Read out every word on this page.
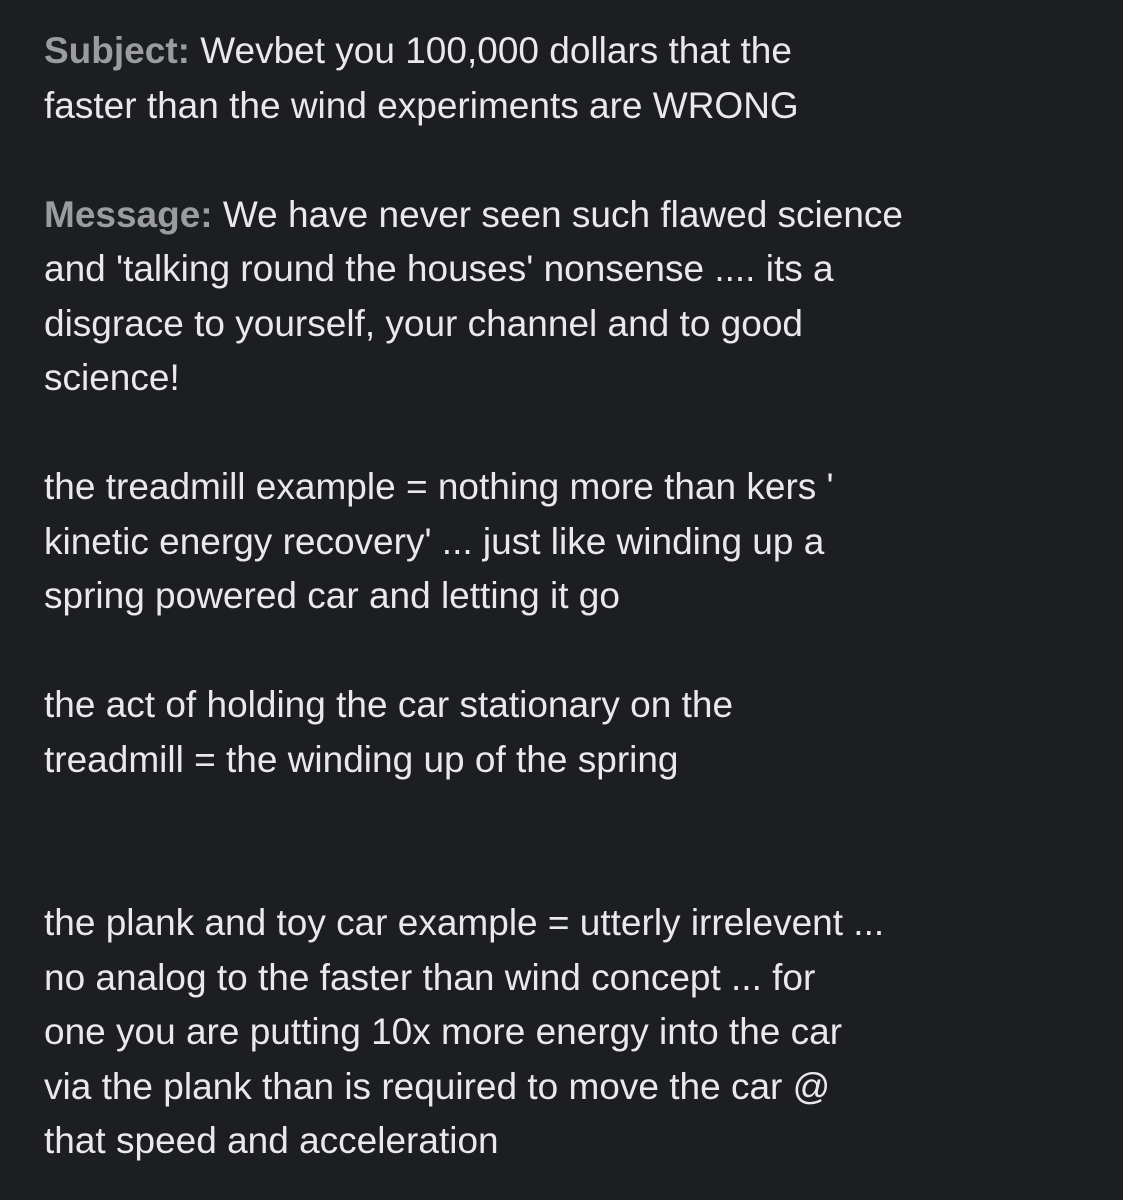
Subject: Wevbet you 100,000 dollars that the

faster than the wind experiments are WRONG

Message: We have never seen such flawed science

and 'talking round the houses' nonsense .... its a

disgrace to yourself, your channel and to good

science!

the treadmill example = nothing more than kers '

kinetic energy recovery' ... just like winding up a

spring powered car and letting it go

the act of holding the car stationary on the

treadmill = the winding up of the spring

the plank and toy car example = utterly irrelevent ...

no analog to the faster than wind concept ... for

one you are putting 10x more energy into the car

via the plank than is required to move the car @

that speed and acceleration
